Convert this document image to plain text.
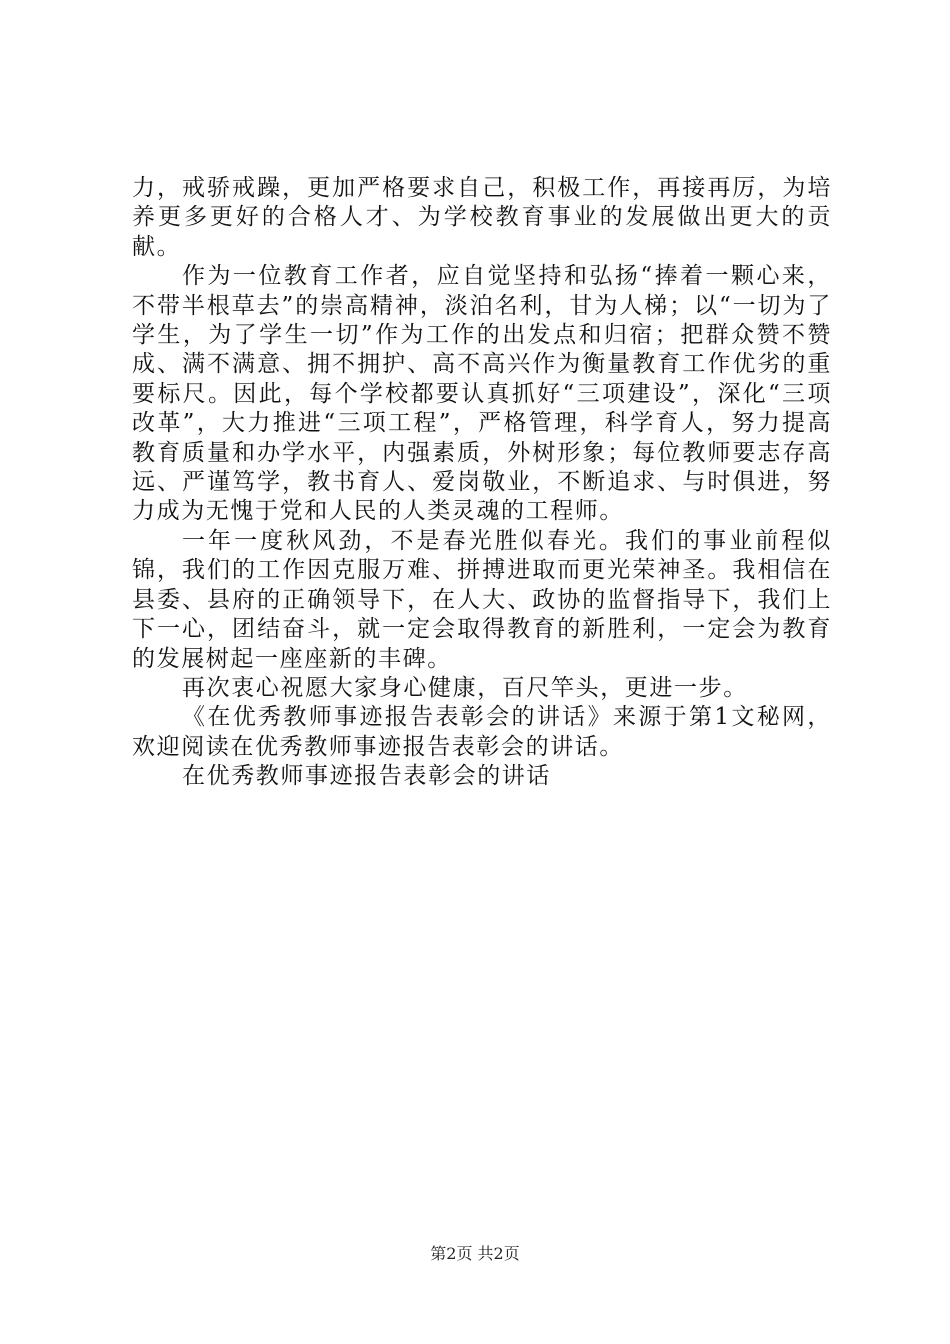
力，戒骄戒躁，更加严格要求自己，积极工作，再接再厉，为培养更多更好的合格人才、为学校教育事业的发展做出更大的贡献。

作为一位教育工作者，应自觉坚持和弘扬“捧着一颗心来，不带半根草去”的崇高精神，淡泊名利，甘为人梯；以“一切为了学生，为了学生一切”作为工作的出发点和归宿；把群众赞不赞成、满不满意、拥不拥护、高不高兴作为衡量教育工作优劣的重要标尺。因此，每个学校都要认真抓好“三项建设”，深化“三项改革”，大力推进“三项工程”，严格管理，科学育人，努力提高教育质量和办学水平，内强素质，外树形象；每位教师要志存高远、严谨笃学，教书育人、爱岗敬业，不断追求、与时俱进，努力成为无愧于党和人民的人类灵魂的工程师。

一年一度秋风劲，不是春光胜似春光。我们的事业前程似锦，我们的工作因克服万难、拼搏进取而更光荣神圣。我相信在县委、县府的正确领导下，在人大、政协的监督指导下，我们上下一心，团结奋斗，就一定会取得教育的新胜利，一定会为教育的发展树起一座座新的丰碑。

再次衷心祝愿大家身心健康，百尺竿头，更进一步。

《在优秀教师事迹报告表彰会的讲话》来源于第1文秘网，欢迎阅读在优秀教师事迹报告表彰会的讲话。

在优秀教师事迹报告表彰会的讲话

第2页 共2页
